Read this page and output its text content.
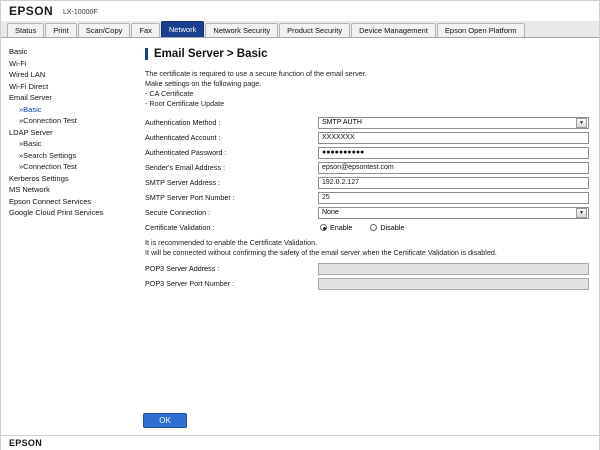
EPSON LX-10000F
Status	Print	Scan/Copy	Fax	Network	Network Security	Product Security	Device Management	Epson Open Platform
Basic
Wi-Fi
Wired LAN
Wi-Fi Direct
Email Server
»Basic
»Connection Test
LDAP Server
»Basic
»Search Settings
»Connection Test
Kerberos Settings
MS Network
Epson Connect Services
Google Cloud Print Services
Email Server > Basic
The certificate is required to use a secure function of the email server.
Make settings on the following page.
- CA Certificate
- Root Certificate Update
Authentication Method :	SMTP AUTH	▼
Authenticated Account :	XXXXXXX
Authenticated Password :	●●●●●●●●●●
Sender's Email Address :	epson@epsontest.com
SMTP Server Address :	192.0.2.127
SMTP Server Port Number :	25
Secure Connection :	None	▼
Certificate Validation :	Enable	Disable
It is recommended to enable the Certificate Validation.
It will be connected without confirming the safety of the email server when the Certificate Validation is disabled.
POP3 Server Address :
POP3 Server Port Number :
OK
EPSON
